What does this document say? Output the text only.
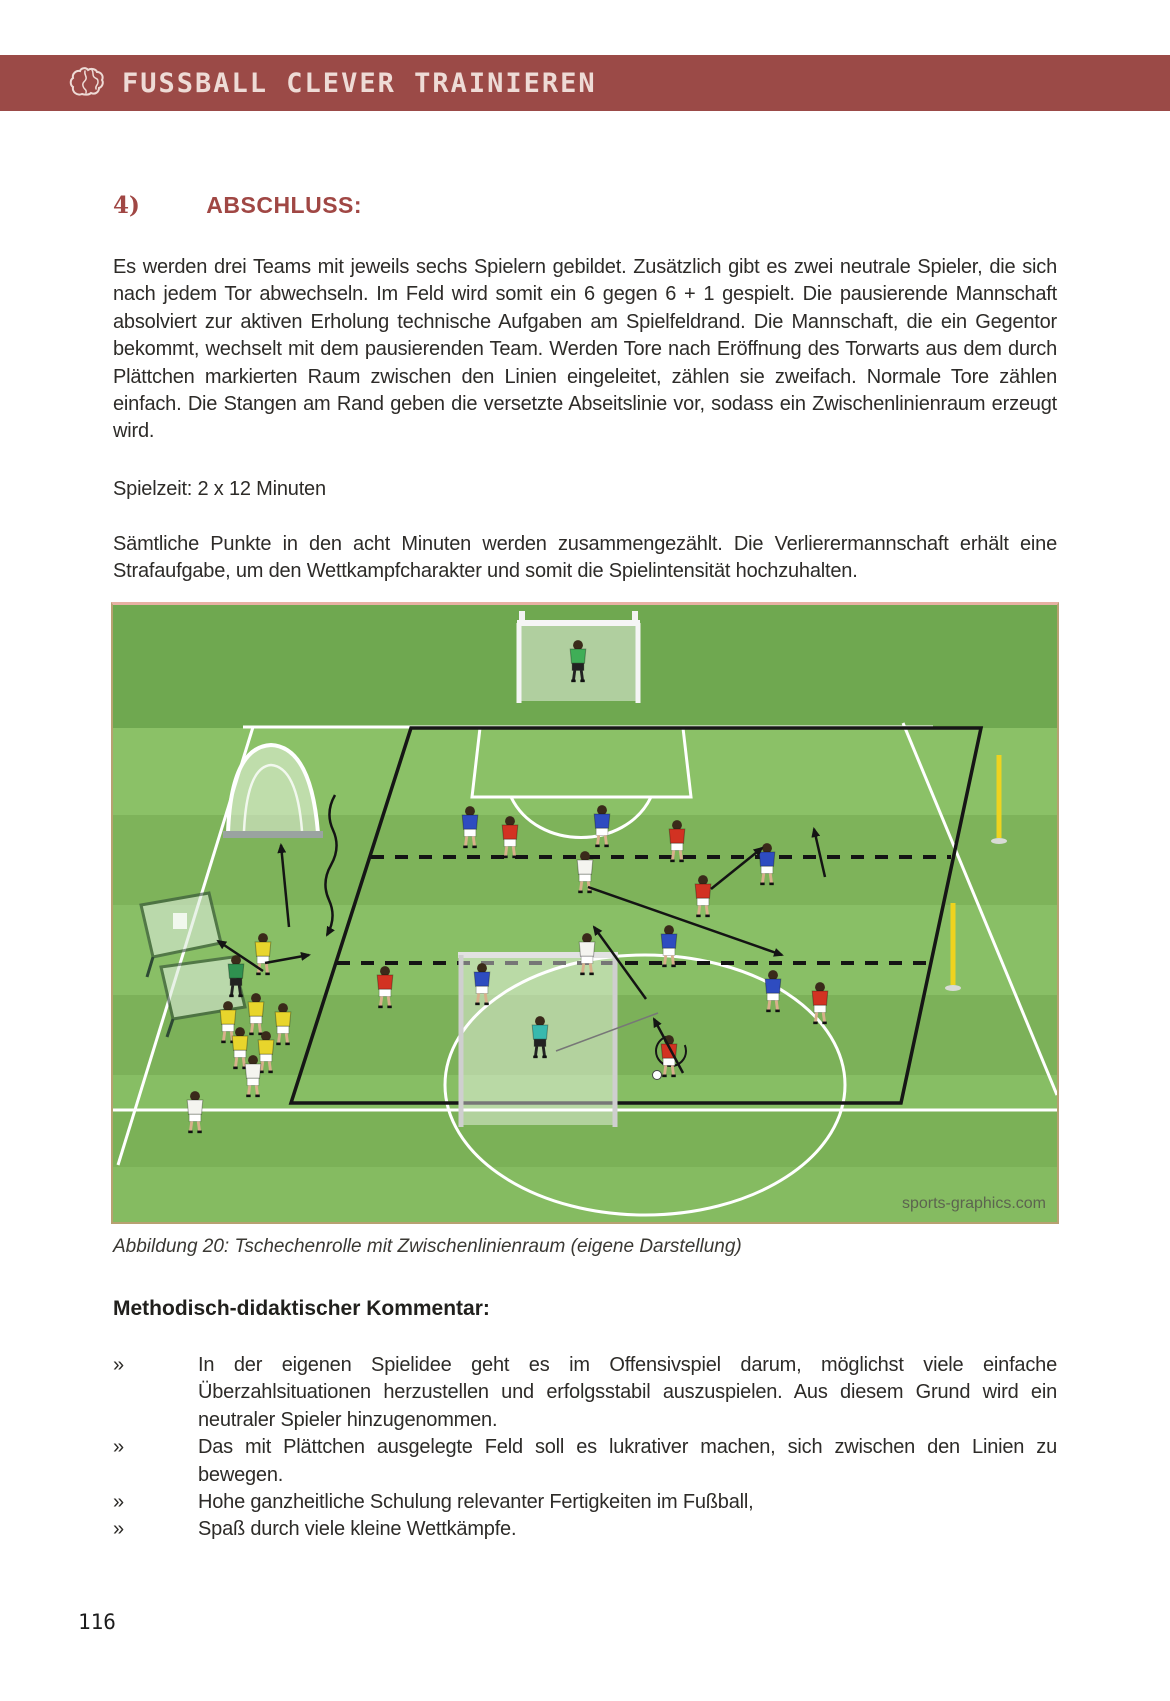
FUSSBALL CLEVER TRAINIEREN
4)	ABSCHLUSS:

Es werden drei Teams mit jeweils sechs Spielern gebildet. Zusätzlich gibt es zwei neutrale Spieler, die sich nach jedem Tor abwechseln. Im Feld wird somit ein 6 gegen 6 + 1 gespielt. Die pausierende Mannschaft absolviert zur aktiven Erholung technische Aufgaben am Spielfeldrand. Die Mannschaft, die ein Gegentor bekommt, wechselt mit dem pausierenden Team. Werden Tore nach Eröffnung des Torwarts aus dem durch Plättchen markierten Raum zwischen den Linien eingeleitet, zählen sie zweifach. Normale Tore zählen einfach. Die Stangen am Rand geben die versetzte Abseitslinie vor, sodass ein Zwischenlinienraum erzeugt wird.

Spielzeit: 2 x 12 Minuten

Sämtliche Punkte in den acht Minuten werden zusammengezählt. Die Verlierermannschaft erhält eine Strafaufgabe, um den Wettkampfcharakter und somit die Spielintensität hochzuhalten.

sports-graphics.com

Abbildung 20: Tschechenrolle mit Zwischenlinienraum (eigene Darstellung)

Methodisch-didaktischer Kommentar:

»	In der eigenen Spielidee geht es im Offensivspiel darum, möglichst viele einfache Überzahlsituationen herzustellen und erfolgsstabil auszuspielen. Aus diesem Grund wird ein neutraler Spieler hinzugenommen.
»	Das mit Plättchen ausgelegte Feld soll es lukrativer machen, sich zwischen den Linien zu bewegen.
»	Hohe ganzheitliche Schulung relevanter Fertigkeiten im Fußball,
»	Spaß durch viele kleine Wettkämpfe.
116
